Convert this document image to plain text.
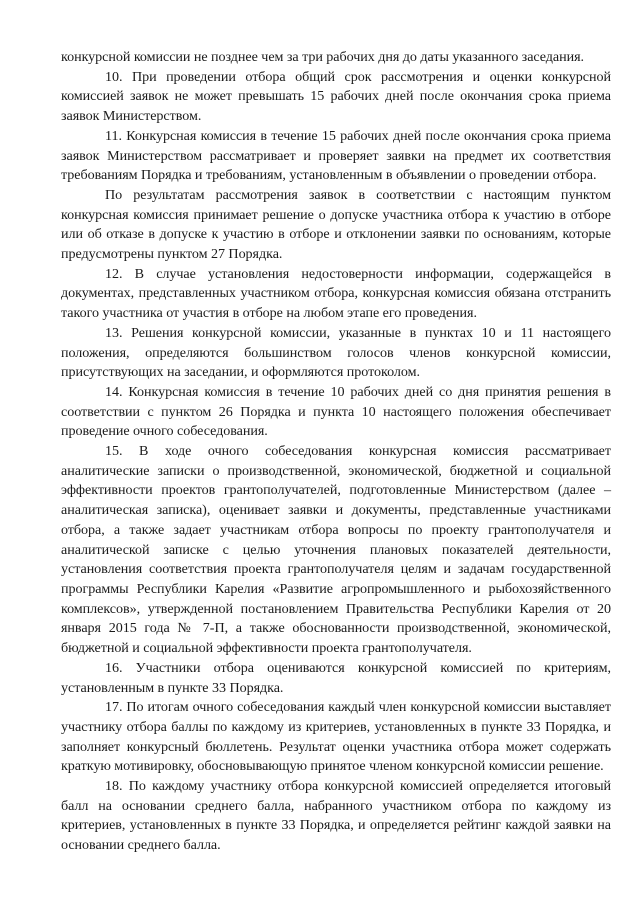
конкурсной комиссии не позднее чем за три рабочих дня до даты указанного заседания.

10. При проведении отбора общий срок рассмотрения и оценки конкурсной комиссией заявок не может превышать 15 рабочих дней после окончания срока приема заявок Министерством.

11. Конкурсная комиссия в течение 15 рабочих дней после окончания срока приема заявок Министерством рассматривает и проверяет заявки на предмет их соответствия требованиям Порядка и требованиям, установленным в объявлении о проведении отбора.

По результатам рассмотрения заявок в соответствии с настоящим пунктом конкурсная комиссия принимает решение о допуске участника отбора к участию в отборе или об отказе в допуске к участию в отборе и отклонении заявки по основаниям, которые предусмотрены пунктом 27 Порядка.

12. В случае установления недостоверности информации, содержащейся в документах, представленных участником отбора, конкурсная комиссия обязана отстранить такого участника от участия в отборе на любом этапе его проведения.

13. Решения конкурсной комиссии, указанные в пунктах 10 и 11 настоящего положения, определяются большинством голосов членов конкурсной комиссии, присутствующих на заседании, и оформляются протоколом.

14. Конкурсная комиссия в течение 10 рабочих дней со дня принятия решения в соответствии с пунктом 26 Порядка и пункта 10 настоящего положения обеспечивает проведение очного собеседования.

15. В ходе очного собеседования конкурсная комиссия рассматривает аналитические записки о производственной, экономической, бюджетной и социальной эффективности проектов грантополучателей, подготовленные Министерством (далее – аналитическая записка), оценивает заявки и документы, представленные участниками отбора, а также задает участникам отбора вопросы по проекту грантополучателя и аналитической записке с целью уточнения плановых показателей деятельности, установления соответствия проекта грантополучателя целям и задачам государственной программы Республики Карелия «Развитие агропромышленного и рыбохозяйственного комплексов», утвержденной постановлением Правительства Республики Карелия от 20 января 2015 года № 7-П, а также обоснованности производственной, экономической, бюджетной и социальной эффективности проекта грантополучателя.

16. Участники отбора оцениваются конкурсной комиссией по критериям, установленным в пункте 33 Порядка.

17. По итогам очного собеседования каждый член конкурсной комиссии выставляет участнику отбора баллы по каждому из критериев, установленных в пункте 33 Порядка, и заполняет конкурсный бюллетень. Результат оценки участника отбора может содержать краткую мотивировку, обосновывающую принятое членом конкурсной комиссии решение.

18. По каждому участнику отбора конкурсной комиссией определяется итоговый балл на основании среднего балла, набранного участником отбора по каждому из критериев, установленных в пункте 33 Порядка, и определяется рейтинг каждой заявки на основании среднего балла.
